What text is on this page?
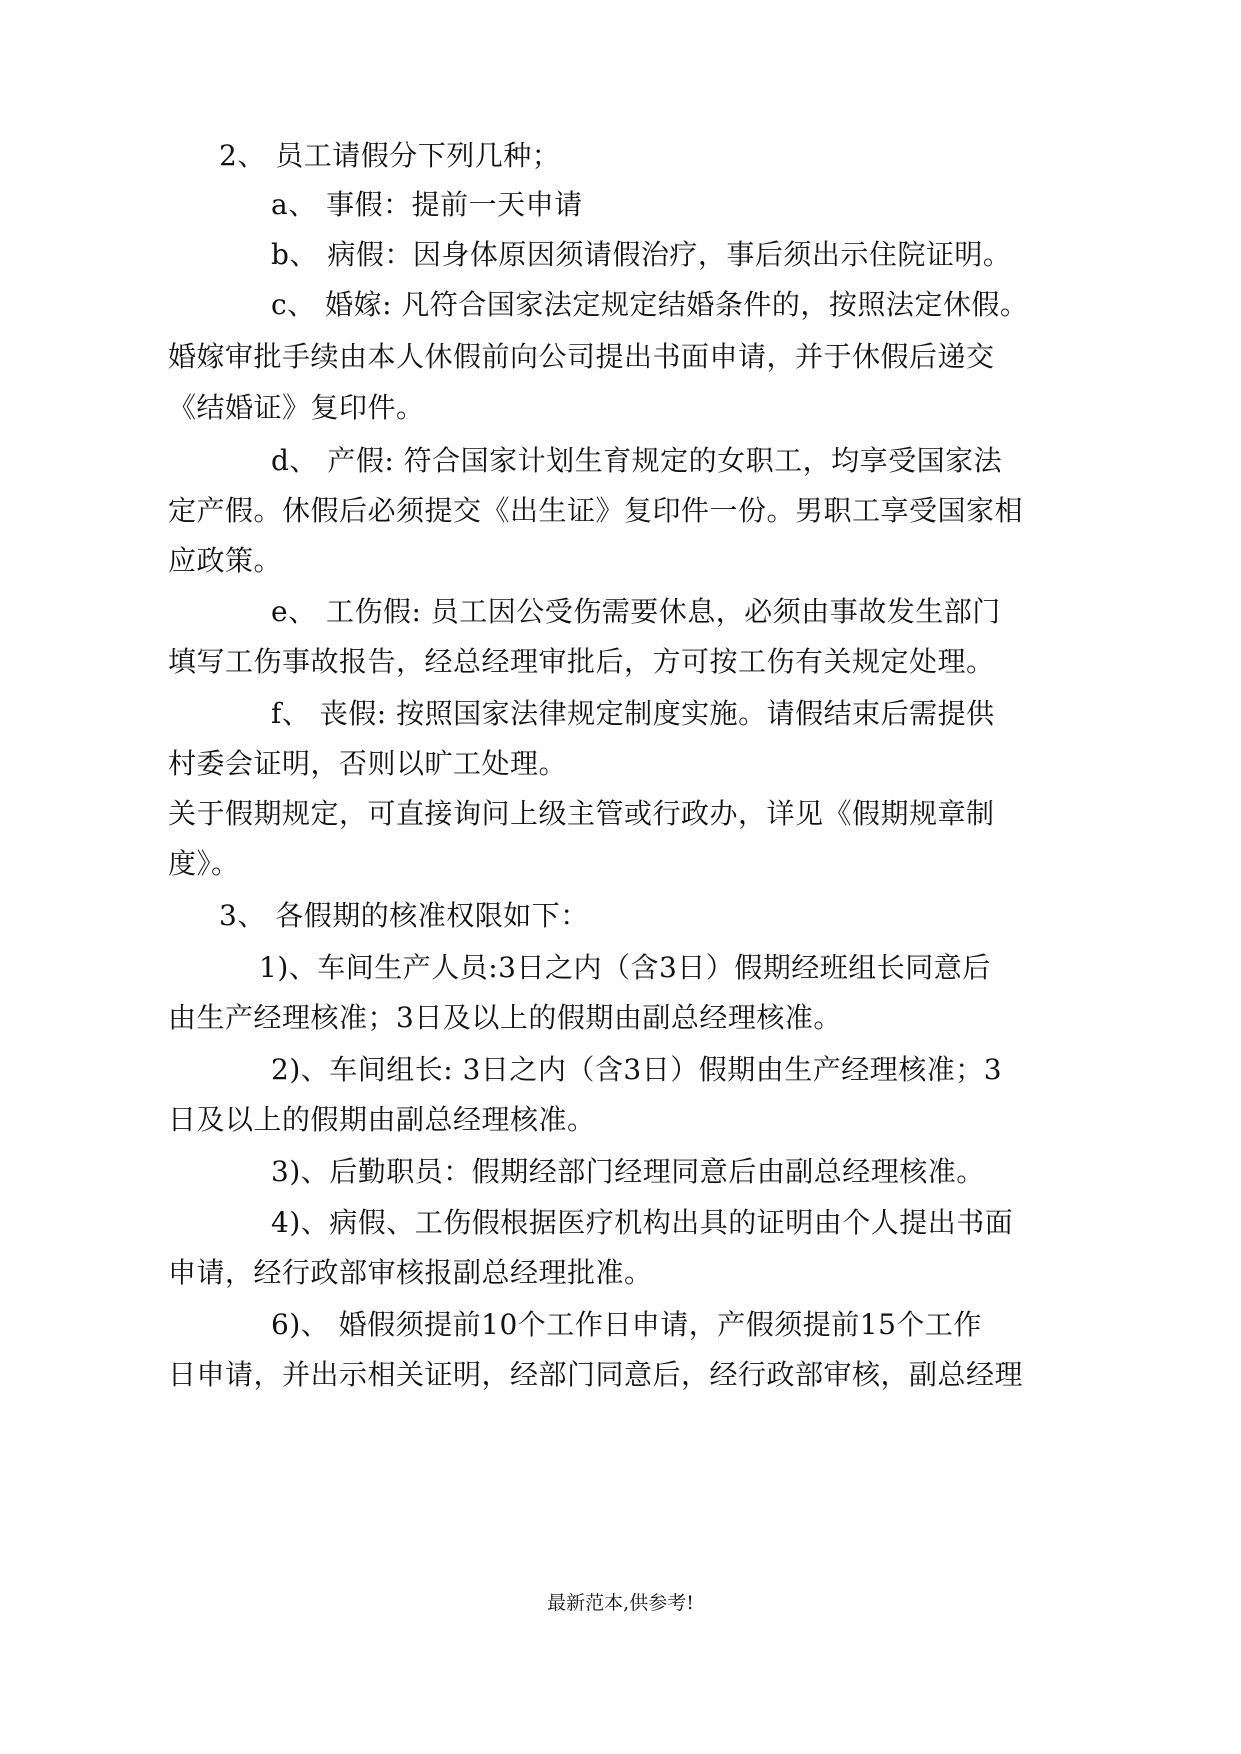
2、 员工请假分下列几种；
a、 事假：提前一天申请
b、 病假：因身体原因须请假治疗，事后须出示住院证明。
c、 婚嫁: 凡符合国家法定规定结婚条件的，按照法定休假。
婚嫁审批手续由本人休假前向公司提出书面申请，并于休假后递交
《结婚证》复印件。
d、 产假: 符合国家计划生育规定的女职工，均享受国家法
定产假。休假后必须提交《出生证》复印件一份。男职工享受国家相
应政策。
e、 工伤假: 员工因公受伤需要休息，必须由事故发生部门
填写工伤事故报告，经总经理审批后，方可按工伤有关规定处理。
f、 丧假: 按照国家法律规定制度实施。请假结束后需提供
村委会证明，否则以旷工处理。
关于假期规定，可直接询问上级主管或行政办，详见《假期规章制
度》。
3、 各假期的核准权限如下：
1)、车间生产人员:3日之内（含3日）假期经班组长同意后
由生产经理核准；3日及以上的假期由副总经理核准。
2)、车间组长: 3日之内（含3日）假期由生产经理核准；3
日及以上的假期由副总经理核准。
3)、后勤职员：假期经部门经理同意后由副总经理核准。
4)、病假、工伤假根据医疗机构出具的证明由个人提出书面
申请，经行政部审核报副总经理批准。
6)、 婚假须提前10个工作日申请，产假须提前15个工作
日申请，并出示相关证明，经部门同意后，经行政部审核，副总经理
最新范本,供参考!
